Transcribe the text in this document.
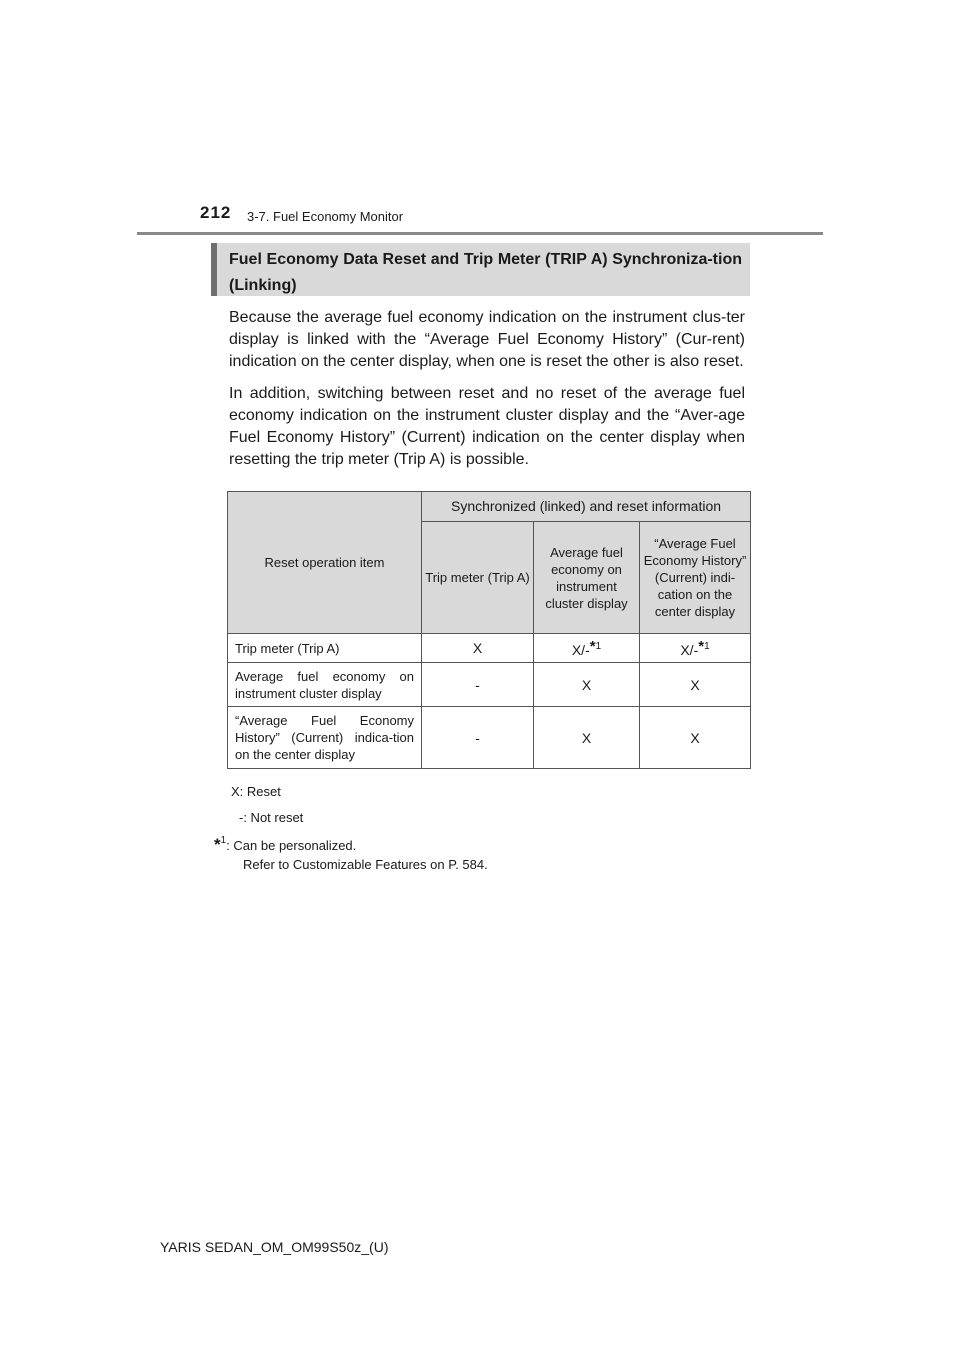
212 3-7. Fuel Economy Monitor

Fuel Economy Data Reset and Trip Meter (TRIP A) Synchroniza-tion (Linking)

Because the average fuel economy indication on the instrument clus-ter display is linked with the “Average Fuel Economy History” (Cur-rent) indication on the center display, when one is reset the other is also reset.

In addition, switching between reset and no reset of the average fuel economy indication on the instrument cluster display and the “Aver-age Fuel Economy History” (Current) indication on the center display when resetting the trip meter (Trip A) is possible.

Reset operation item	Synchronized (linked) and reset information		
	Trip meter (Trip A)	Average fuel economy on instrument cluster display	“Average Fuel Economy History” (Current) indi-cation on the center display
Trip meter (Trip A)	X	X/-$^{*1}$	X/-$^{*1}$
Average fuel economy on instrument cluster display	-	X	X
“Average Fuel Economy History” (Current) indica-tion on the center display	-	X	X
X: Reset
-: Not reset
*$^1$: Can be personalized.
Refer to Customizable Features on P. 584.
YARIS SEDAN_OM_OM99S50z_(U)
